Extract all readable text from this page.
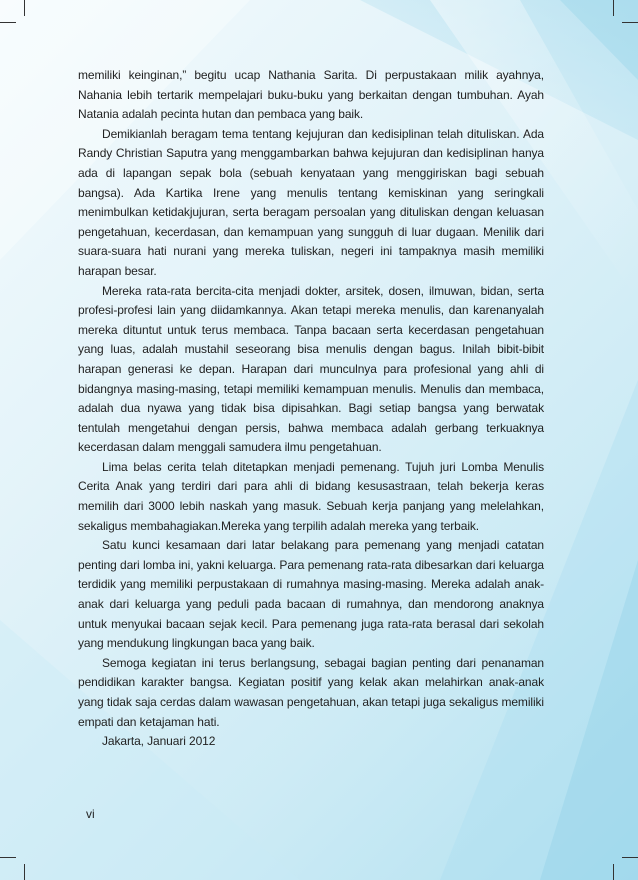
memiliki keinginan,” begitu ucap Nathania Sarita. Di perpustakaan milik ayahnya, Nahania lebih tertarik mempelajari buku-buku yang berkaitan dengan tumbuhan. Ayah Natania adalah pecinta hutan dan pembaca yang baik.

Demikianlah beragam tema tentang kejujuran dan kedisiplinan telah dituliskan. Ada Randy Christian Saputra yang menggambarkan bahwa kejujuran dan kedisiplinan hanya ada di lapangan sepak bola (sebuah kenyataan yang menggiriskan bagi sebuah bangsa). Ada Kartika Irene yang menulis tentang kemiskinan yang seringkali menimbulkan ketidakjujuran, serta beragam persoalan yang dituliskan dengan keluasan pengetahuan, kecerdasan, dan kemampuan yang sungguh di luar dugaan. Menilik dari suara-suara hati nurani yang mereka tuliskan, negeri ini tampaknya masih memiliki harapan besar.

Mereka rata-rata bercita-cita menjadi dokter, arsitek, dosen, ilmuwan, bidan, serta profesi-profesi lain yang diidamkannya. Akan tetapi mereka menulis, dan karenanyalah mereka dituntut untuk terus membaca. Tanpa bacaan serta kecerdasan pengetahuan yang luas, adalah mustahil seseorang bisa menulis dengan bagus. Inilah bibit-bibit harapan generasi ke depan. Harapan dari munculnya para profesional yang ahli di bidangnya masing-masing, tetapi memiliki kemampuan menulis. Menulis dan membaca, adalah dua nyawa yang tidak bisa dipisahkan. Bagi setiap bangsa yang berwatak tentulah mengetahui dengan persis, bahwa membaca adalah gerbang terkuaknya kecerdasan dalam menggali samudera ilmu pengetahuan.

Lima belas cerita telah ditetapkan menjadi pemenang. Tujuh juri Lomba Menulis Cerita Anak yang terdiri dari para ahli di bidang kesusastraan, telah bekerja keras memilih dari 3000 lebih naskah yang masuk. Sebuah kerja panjang yang melelahkan, sekaligus membahagiakan.Mereka yang terpilih adalah mereka yang terbaik.

Satu kunci kesamaan dari latar belakang para pemenang yang menjadi catatan penting dari lomba ini, yakni keluarga. Para pemenang rata-rata dibesarkan dari keluarga terdidik yang memiliki perpustakaan di rumahnya masing-masing. Mereka adalah anak-anak dari keluarga yang peduli pada bacaan di rumahnya, dan mendorong anaknya untuk menyukai bacaan sejak kecil. Para pemenang juga rata-rata berasal dari sekolah yang mendukung lingkungan baca yang baik.

Semoga kegiatan ini terus berlangsung, sebagai bagian penting dari penanaman pendidikan karakter bangsa. Kegiatan positif yang kelak akan melahirkan anak-anak yang tidak saja cerdas dalam wawasan pengetahuan, akan tetapi juga sekaligus memiliki empati dan ketajaman hati.

Jakarta, Januari 2012

vi
